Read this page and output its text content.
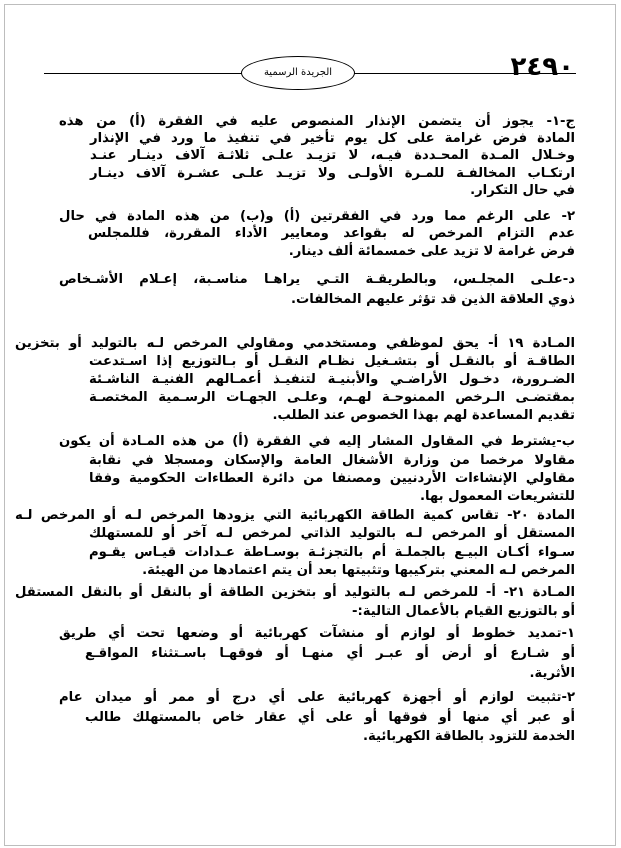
٢٤٩٠
الجريدة الرسمية
ج-١- يجوز أن يتضمن الإنذار المنصوص عليه في الفقرة (أ) من هذه
المادة فرض غرامة على كل يوم تأخير في تنفيذ ما ورد في الإنذار
وخـلال المـدة المحـددة فيـه، لا تزيـد علـى ثلاثـة آلاف دينـار عنـد
ارتكـاب المخالفـة للمـرة الأولـى ولا تزيـد علـى عشـرة آلاف دينـار
في حال التكرار.
٢- على الرغم مما ورد في الفقرتين (أ) و(ب) من هذه المادة في حال
عدم التزام المرخص له بقواعد ومعايير الأداء المقررة، فللمجلس
فرض غرامة لا تزيد على خمسمائة ألف دينار.
د-علـى المجلـس، وبالطريقـة التـي يراهـا مناسـبة، إعـلام الأشـخاص
ذوي العلاقة الذين قد تؤثر عليهم المخالفات.
المـادة ١٩ أ- يحق لموظفي ومستخدمي ومقاولي المرخص لـه بالتوليد أو بتخزين
الطاقـة أو بالنقـل أو بتشـغيل نظـام النقـل أو بـالتوزيع إذا اسـتدعت
الضـرورة، دخـول الأراضـي والأبنيـة لتنفيـذ أعمـالهم الفنيـة الناشـئة
بمقتضـى الـرخص الممنوحـة لهـم، وعلـى الجهـات الرسـمية المختصـة
تقديم المساعدة لهم بهذا الخصوص عند الطلب.
ب-يشترط في المقاول المشار إليه في الفقرة (أ) من هذه المـادة أن يكون
مقاولا مرخصا من وزارة الأشغال العامة والإسكان ومسجلا في نقابة
مقاولي الإنشاءات الأردنيين ومصنفا من دائرة العطاءات الحكومية وفقا
للتشريعات المعمول بها.
المادة ٢٠- تقاس كمية الطاقة الكهربائية التي يزودها المرخص لـه أو المرخص لـه
المستقل أو المرخص لـه بالتوليد الذاتي لمرخص لـه آخر أو للمستهلك
سـواء أكـان البيـع بالجملـة أم بالتجزئـة بوسـاطة عـدادات قيـاس يقـوم
المرخص لـه المعني بتركيبها وتثبيتها بعد أن يتم اعتمادها من الهيئة.
المـادة ٢١- أ- للمرخص لـه بالتوليد أو بتخزين الطاقة أو بالنقل أو بالنقل المستقل
أو بالتوزيع القيام بالأعمال التالية:-
١-تمديد خطوط أو لوازم أو منشآت كهربائية أو وضعها تحت أي طريق
أو شـارع أو أرض أو عبـر أي منهـا أو فوقهـا باسـتثناء المواقـع
الأثرية.
٢-تثبيت لوازم أو أجهزة كهربائية على أي درج أو ممر أو ميدان عام
أو عبر أي منها أو فوقها أو على أي عقار خاص بالمستهلك طالب
الخدمة للتزود بالطاقة الكهربائية.
